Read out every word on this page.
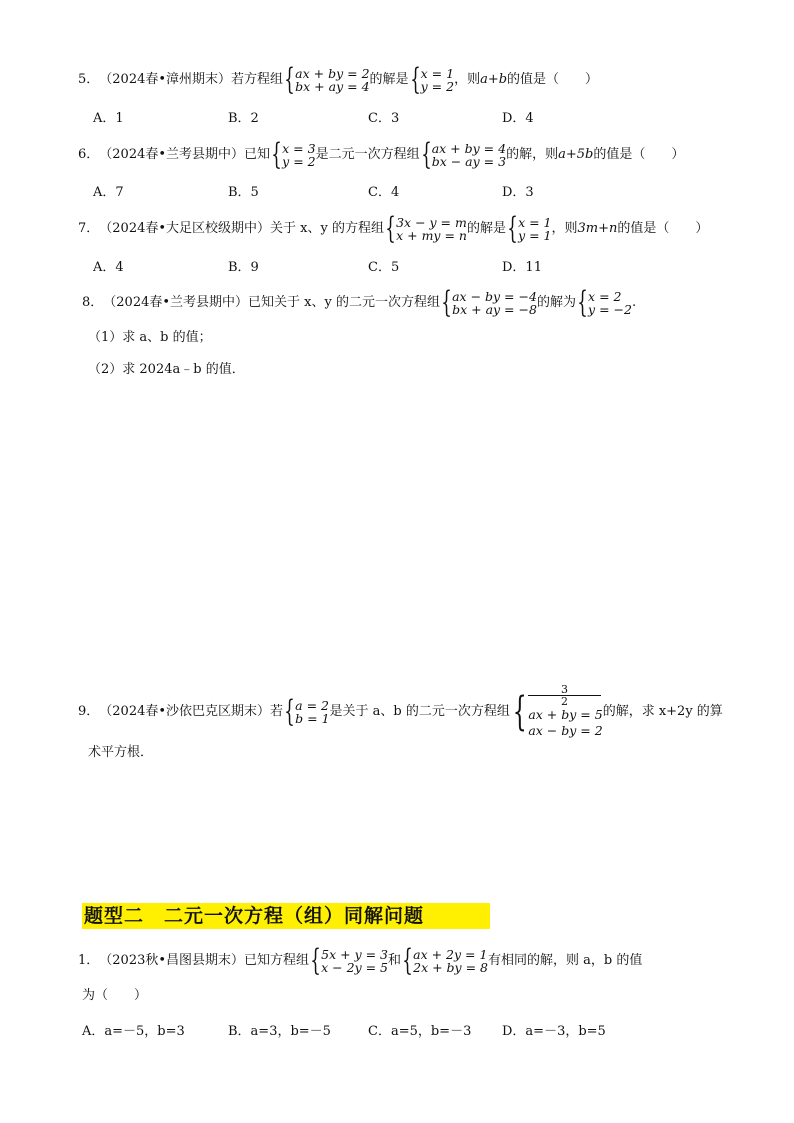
5．（2024春•漳州期末）若方程组{ ax + by = 2
bx + ay = 4 的解是{ x = 1
y = 2 ，则a+b的值是（　　）
A．1	B．2	C．3	D．4
6．（2024春•兰考县期中）已知{ x = 3
y = 2 是二元一次方程组{ ax + by = 4
bx − ay = 3 的解，则a+5b的值是（　　）
A．7	B．5	C．4	D．3
7．（2024春•大足区校级期中）关于 x、y 的方程组{ 3x − y = m
x + my = n 的解是{ x = 1
y = 1 ，则3m+n的值是（　　）
A．4	B．9	C．5	D．11
8．（2024春•兰考县期中）已知关于 x、y 的二元一次方程组{ ax − by = −4
bx + ay = −8 的解为{ x = 2
y = −2 .
（1）求 a、b 的值；
（2）求 2024a﹣b 的值．
9．（2024春•沙依巴克区期末）若{ a = 2
b = 1 是关于 a、b 的二元一次方程组{	3
2
ax + by = 5
ax − by = 2
的解，求 x+2y 的算
术平方根．
题型二　二元一次方程（组）同解问题
1．（2023秋•昌图县期末）已知方程组{ 5x + y = 3
x − 2y = 5 和{ ax + 2y = 1
2x + by = 8 有相同的解，则 a，b 的值
为（　　）
A．a=－5，b=3	B．a=3，b=－5	C．a=5，b=－3 D．a=－3，b=5
